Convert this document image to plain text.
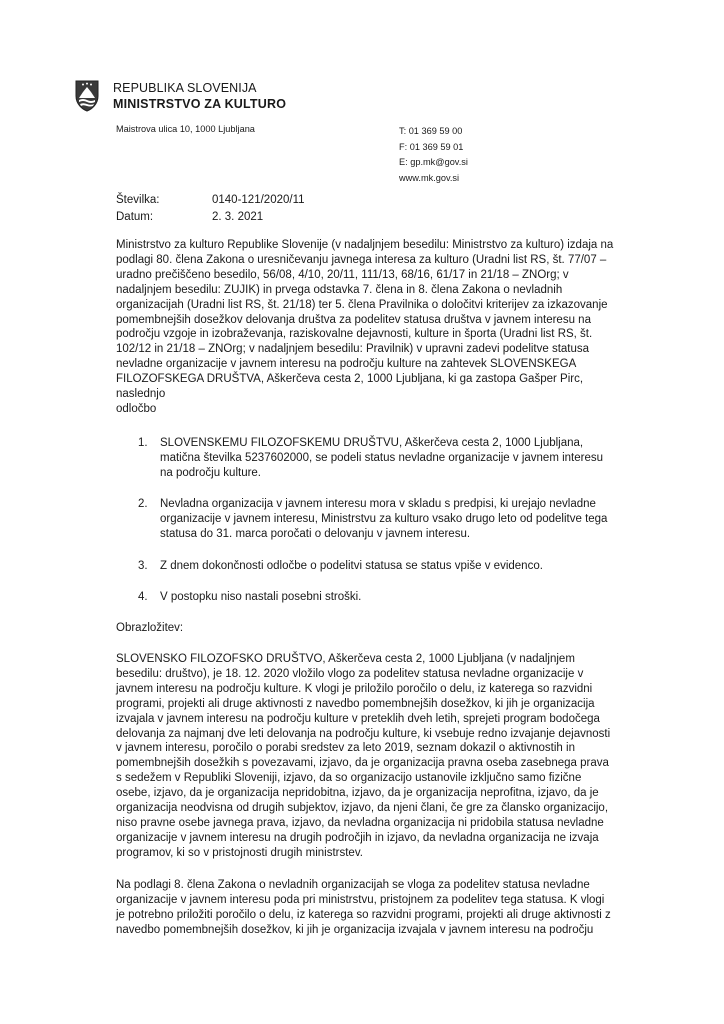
REPUBLIKA SLOVENIJA
MINISTRSTVO ZA KULTURO
Maistrova ulica 10, 1000 Ljubljana	T: 01 369 59 00
F: 01 369 59 01
E: gp.mk@gov.si
www.mk.gov.si
Številka:	0140-121/2020/11
Datum:	2. 3. 2021

Ministrstvo za kulturo Republike Slovenije (v nadaljnjem besedilu: Ministrstvo za kulturo) izdaja na podlagi 80. člena Zakona o uresničevanju javnega interesa za kulturo (Uradni list RS, št. 77/07 – uradno prečiščeno besedilo, 56/08, 4/10, 20/11, 111/13, 68/16, 61/17 in 21/18 – ZNOrg; v nadaljnjem besedilu: ZUJIK) in prvega odstavka 7. člena in 8. člena Zakona o nevladnih organizacijah (Uradni list RS, št. 21/18) ter 5. člena Pravilnika o določitvi kriterijev za izkazovanje pomembnejših dosežkov delovanja društva za podelitev statusa društva v javnem interesu na področju vzgoje in izobraževanja, raziskovalne dejavnosti, kulture in športa (Uradni list RS, št. 102/12 in 21/18 – ZNOrg; v nadaljnjem besedilu: Pravilnik) v upravni zadevi podelitve statusa nevladne organizacije v javnem interesu na področju kulture na zahtevek SLOVENSKEGA FILOZOFSKEGA DRUŠTVA, Aškerčeva cesta 2, 1000 Ljubljana, ki ga zastopa Gašper Pirc, naslednjo

odločbo

1.	SLOVENSKEMU FILOZOFSKEMU DRUŠTVU, Aškerčeva cesta 2, 1000 Ljubljana, matična številka 5237602000, se podeli status nevladne organizacije v javnem interesu na področju kulture.
2.	Nevladna organizacija v javnem interesu mora v skladu s predpisi, ki urejajo nevladne organizacije v javnem interesu, Ministrstvu za kulturo vsako drugo leto od podelitve tega statusa do 31. marca poročati o delovanju v javnem interesu.
3.	Z dnem dokončnosti odločbe o podelitvi statusa se status vpiše v evidenco.
4.	V postopku niso nastali posebni stroški.

Obrazložitev:

SLOVENSKO FILOZOFSKO DRUŠTVO, Aškerčeva cesta 2, 1000 Ljubljana (v nadaljnjem besedilu: društvo), je 18. 12. 2020 vložilo vlogo za podelitev statusa nevladne organizacije v javnem interesu na področju kulture. K vlogi je priložilo poročilo o delu, iz katerega so razvidni programi, projekti ali druge aktivnosti z navedbo pomembnejših dosežkov, ki jih je organizacija izvajala v javnem interesu na področju kulture v preteklih dveh letih, sprejeti program bodočega delovanja za najmanj dve leti delovanja na področju kulture, ki vsebuje redno izvajanje dejavnosti v javnem interesu, poročilo o porabi sredstev za leto 2019, seznam dokazil o aktivnostih in pomembnejših dosežkih s povezavami, izjavo, da je organizacija pravna oseba zasebnega prava s sedežem v Republiki Sloveniji, izjavo, da so organizacijo ustanovile izključno samo fizične osebe, izjavo, da je organizacija nepridobitna, izjavo, da je organizacija neprofitna, izjavo, da je organizacija neodvisna od drugih subjektov, izjavo, da njeni člani, če gre za člansko organizacijo, niso pravne osebe javnega prava, izjavo, da nevladna organizacija ni pridobila statusa nevladne organizacije v javnem interesu na drugih področjih in izjavo, da nevladna organizacija ne izvaja programov, ki so v pristojnosti drugih ministrstev.

Na podlagi 8. člena Zakona o nevladnih organizacijah se vloga za podelitev statusa nevladne organizacije v javnem interesu poda pri ministrstvu, pristojnem za podelitev tega statusa. K vlogi je potrebno priložiti poročilo o delu, iz katerega so razvidni programi, projekti ali druge aktivnosti z navedbo pomembnejših dosežkov, ki jih je organizacija izvajala v javnem interesu na področju
